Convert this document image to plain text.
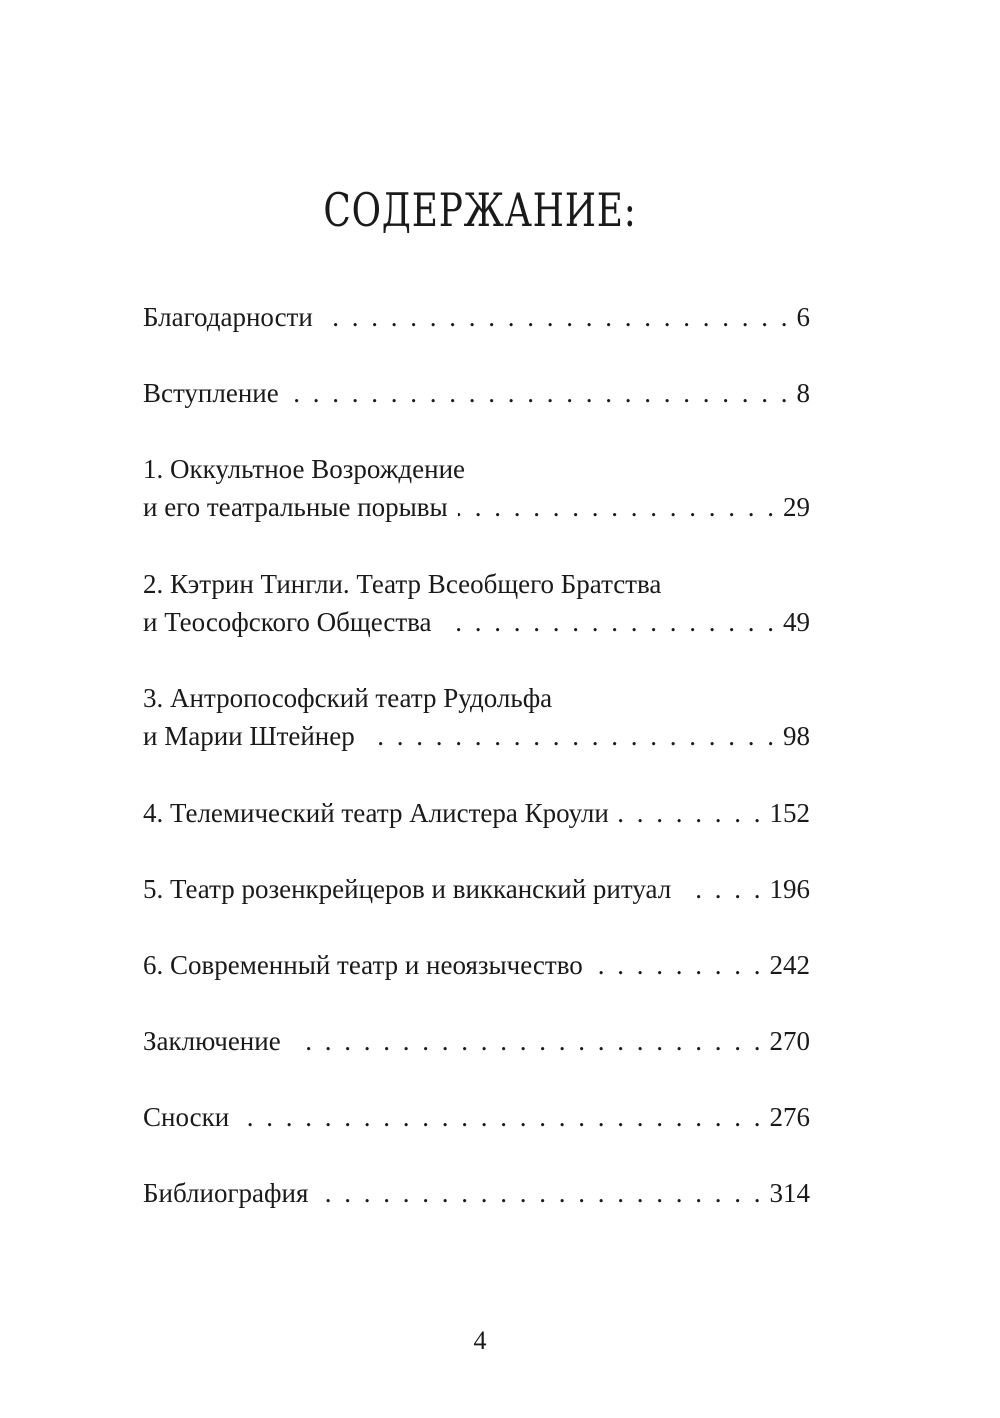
СОДЕРЖАНИЕ:
Благодарности . . .	6
Вступление . . .	8
1. Оккультное Возрождение
и его театральные порывы . . .	29
2. Кэтрин Тингли. Театр Всеобщего Братства
и Теософского Общества . . .	49
3. Антропософский театр Рудольфа
и Марии Штейнер . . .	98
4. Телемический театр Алистера Кроули . . .	152
5. Театр розенкрейцеров и викканский ритуал . . .	196
6. Современный театр и неоязычество . . .	242
Заключение . . .	270
Сноски . . .	276
Библиография . . .	314
4
